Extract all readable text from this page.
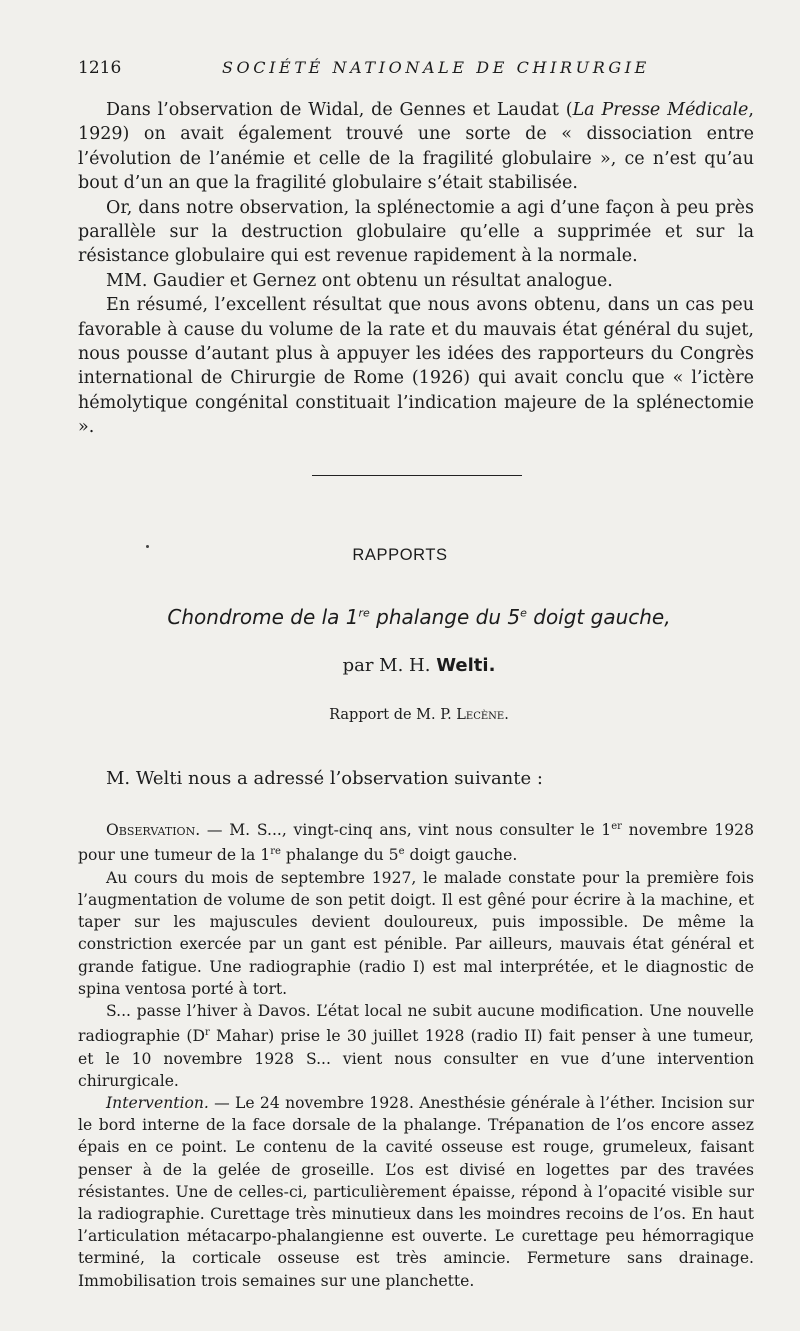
1216	SOCIÉTÉ NATIONALE DE CHIRURGIE

Dans l’observation de Widal, de Gennes et Laudat (La Presse Médicale, 1929) on avait également trouvé une sorte de « dissociation entre l’évolution de l’anémie et celle de la fragilité globulaire », ce n’est qu’au bout d’un an que la fragilité globulaire s’était stabilisée.

Or, dans notre observation, la splénectomie a agi d’une façon à peu près parallèle sur la destruction globulaire qu’elle a supprimée et sur la résistance globulaire qui est revenue rapidement à la normale.

MM. Gaudier et Gernez ont obtenu un résultat analogue.

En résumé, l’excellent résultat que nous avons obtenu, dans un cas peu favorable à cause du volume de la rate et du mauvais état général du sujet, nous pousse d’autant plus à appuyer les idées des rapporteurs du Congrès international de Chirurgie de Rome (1926) qui avait conclu que « l’ictère hémolytique congénital constituait l’indication majeure de la splénectomie ».

RAPPORTS
Chondrome de la 1re phalange du 5e doigt gauche,
par M. H. Welti.
Rapport de M. P. Lecène.
M. Welti nous a adressé l’observation suivante :

Observation. — M. S..., vingt-cinq ans, vint nous consulter le 1er novembre 1928 pour une tumeur de la 1re phalange du 5e doigt gauche.

Au cours du mois de septembre 1927, le malade constate pour la première fois l’augmentation de volume de son petit doigt. Il est gêné pour écrire à la machine, et taper sur les majuscules devient douloureux, puis impossible. De même la constriction exercée par un gant est pénible. Par ailleurs, mauvais état général et grande fatigue. Une radiographie (radio I) est mal interprétée, et le diagnostic de spina ventosa porté à tort.

S... passe l’hiver à Davos. L’état local ne subit aucune modification. Une nouvelle radiographie ($D^r$ Mahar) prise le 30 juillet 1928 (radio II) fait penser à une tumeur, et le 10 novembre 1928 S... vient nous consulter en vue d’une intervention chirurgicale.

Intervention. — Le 24 novembre 1928. Anesthésie générale à l’éther. Incision sur le bord interne de la face dorsale de la phalange. Trépanation de l’os encore assez épais en ce point. Le contenu de la cavité osseuse est rouge, grumeleux, faisant penser à de la gelée de groseille. L’os est divisé en logettes par des travées résistantes. Une de celles-ci, particulièrement épaisse, répond à l’opacité visible sur la radiographie. Curettage très minutieux dans les moindres recoins de l’os. En haut l’articulation métacarpo-phalangienne est ouverte. Le curettage peu hémorragique terminé, la corticale osseuse est très amincie. Fermeture sans drainage. Immobilisation trois semaines sur une planchette.
